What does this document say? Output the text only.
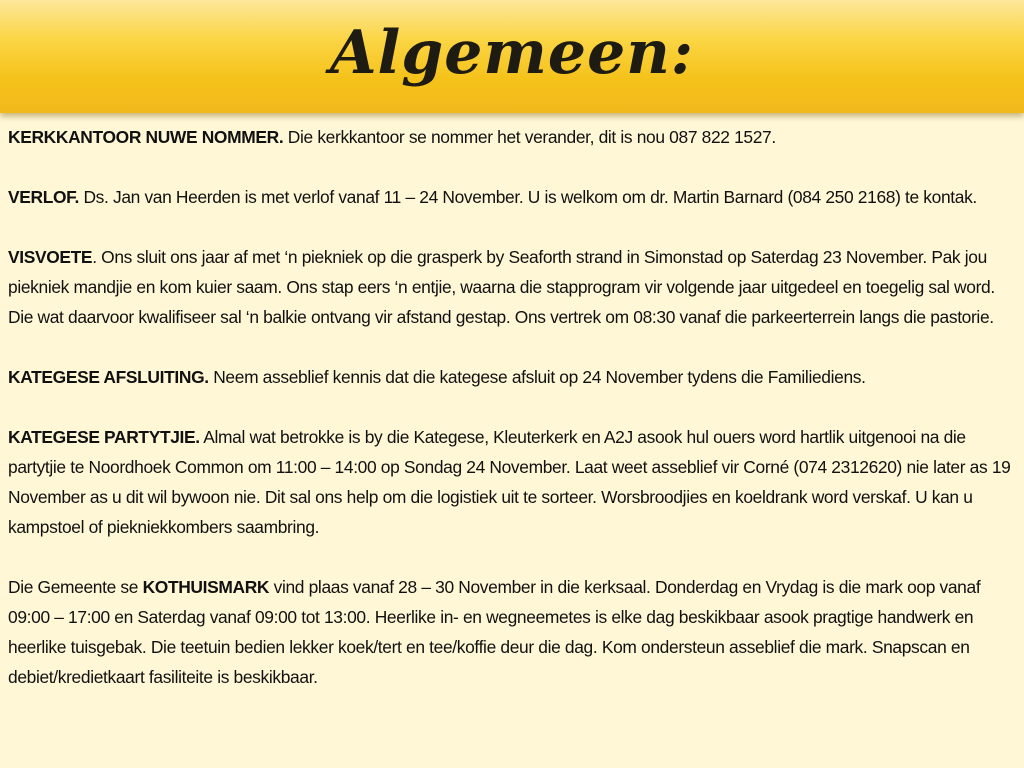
Algemeen:

KERKKANTOOR NUWE NOMMER. Die kerkkantoor se nommer het verander, dit is nou 087 822 1527.

VERLOF. Ds. Jan van Heerden is met verlof vanaf 11 – 24 November. U is welkom om dr. Martin Barnard (084 250 2168) te kontak.

VISVOETE. Ons sluit ons jaar af met ‘n piekniek op die grasperk by Seaforth strand in Simonstad op Saterdag 23 November. Pak jou piekniek mandjie en kom kuier saam. Ons stap eers ‘n entjie, waarna die stapprogram vir volgende jaar uitgedeel en toegelig sal word. Die wat daarvoor kwalifiseer sal ‘n balkie ontvang vir afstand gestap. Ons vertrek om 08:30 vanaf die parkeerterrein langs die pastorie.

KATEGESE AFSLUITING. Neem asseblief kennis dat die kategese afsluit op 24 November tydens die Familiediens.

KATEGESE PARTYTJIE. Almal wat betrokke is by die Kategese, Kleuterkerk en A2J asook hul ouers word hartlik uitgenooi na die partytjie te Noordhoek Common om 11:00 – 14:00 op Sondag 24 November. Laat weet asseblief vir Corné (074 2312620) nie later as 19 November as u dit wil bywoon nie. Dit sal ons help om die logistiek uit te sorteer. Worsbroodjies en koeldrank word verskaf. U kan u kampstoel of piekniekkombers saambring.

Die Gemeente se KOTHUISMARK vind plaas vanaf 28 – 30 November in die kerksaal. Donderdag en Vrydag is die mark oop vanaf 09:00 – 17:00 en Saterdag vanaf 09:00 tot 13:00. Heerlike in- en wegneemetes is elke dag beskikbaar asook pragtige handwerk en heerlike tuisgebak. Die teetuin bedien lekker koek/tert en tee/koffie deur die dag. Kom ondersteun asseblief die mark. Snapscan en debiet/kredietkaart fasiliteite is beskikbaar.
